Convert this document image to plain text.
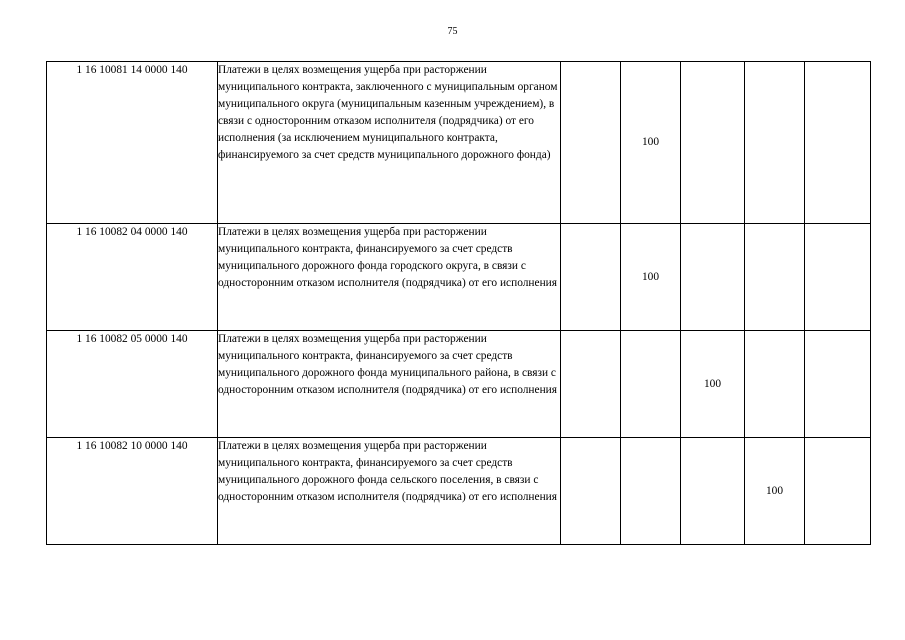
75
1 16 10081 14 0000 140	Платежи в целях возмещения ущерба при расторжении муниципального контракта, заключенного с муниципальным органом муниципального округа (муниципальным казенным учреждением), в связи с односторонним отказом исполнителя (подрядчика) от его исполнения (за исключением муниципального контракта, финансируемого за счет средств муниципального дорожного фонда)		100			
1 16 10082 04 0000 140	Платежи в целях возмещения ущерба при расторжении муниципального контракта, финансируемого за счет средств муниципального дорожного фонда городского округа, в связи с односторонним отказом исполнителя (подрядчика) от его исполнения		100			
1 16 10082 05 0000 140	Платежи в целях возмещения ущерба при расторжении муниципального контракта, финансируемого за счет средств муниципального дорожного фонда муниципального района, в связи с односторонним отказом исполнителя (подрядчика) от его исполнения			100		
1 16 10082 10 0000 140	Платежи в целях возмещения ущерба при расторжении муниципального контракта, финансируемого за счет средств муниципального дорожного фонда сельского поселения, в связи с односторонним отказом исполнителя (подрядчика) от его исполнения				100	
